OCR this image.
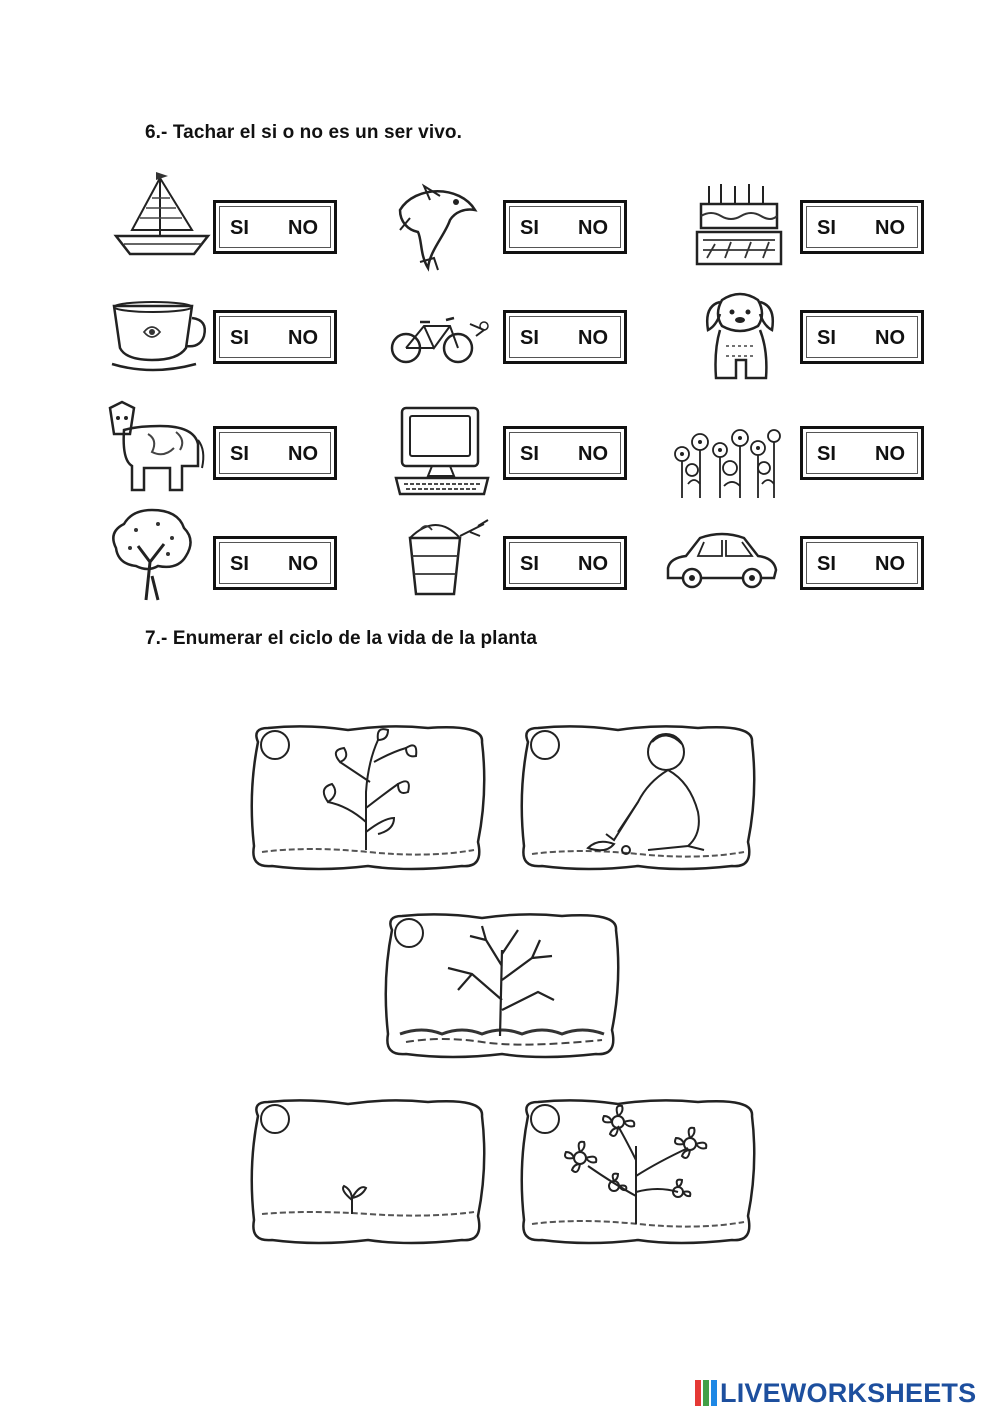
6.- Tachar el si o no es un ser vivo.
SI NO	SI NO	SI NO
SI NO	SI NO	SI NO
SI NO	SI NO	SI NO
SI NO	SI NO	SI NO
7.- Enumerar el ciclo de la vida de la planta
LIVEWORKSHEETS
